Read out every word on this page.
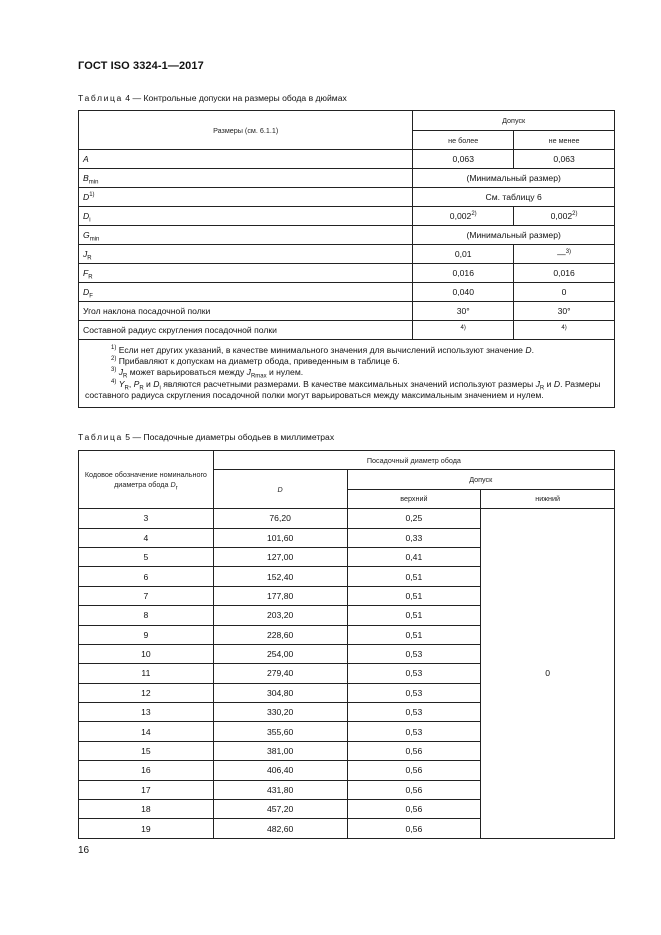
ГОСТ ISO 3324-1—2017
Таблица 4 — Контрольные допуски на размеры обода в дюймах
Размеры (см. 6.1.1)	Допуск	
	не более	не менее
A	0,063	0,063
$B_{min}$	(Минимальный размер)	
$D^{1)}$	См. таблицу 6	
$D_i$	0,002$^{2)}$	0,002$^{2)}$
$G_{min}$	(Минимальный размер)	
$J_R$	0,01	—$^{3)}$
$F_R$	0,016	0,016
$D_F$	0,040	0
Угол наклона посадочной полки	30°	30°
Составной радиус скругления посадочной полки	$^{4)}$	$^{4)}$

$^{1)}$ Если нет других указаний, в качестве минимального значения для вычислений используют значение D.
$^{2)}$ Прибавляют к допускам на диаметр обода, приведенным в таблице 6.
$^{3)}$ $J_R$ может варьироваться между $J_{Rmax}$ и нулем.
$^{4)}$ $Y_R$, $P_R$ и $D_i$ являются расчетными размерами. В качестве максимальных значений используют размеры $J_R$ и D. Размеры составного радиуса скругления посадочной полки могут варьироваться между максимальным значением и нулем.		
Таблица 5 — Посадочные диаметры ободьев в миллиметрах
Кодовое обозначение номинального диаметра обода $D_r$	Посадочный диаметр обода		
	D	Допуск	
		верхний	нижний
3	76,20	0,25	0
4	101,60	0,33	
5	127,00	0,41	
6	152,40	0,51	
7	177,80	0,51	
8	203,20	0,51	
9	228,60	0,51	
10	254,00	0,53	
11	279,40	0,53	
12	304,80	0,53	
13	330,20	0,53	
14	355,60	0,53	
15	381,00	0,56	
16	406,40	0,56	
17	431,80	0,56	
18	457,20	0,56	
19	482,60	0,56	
16
